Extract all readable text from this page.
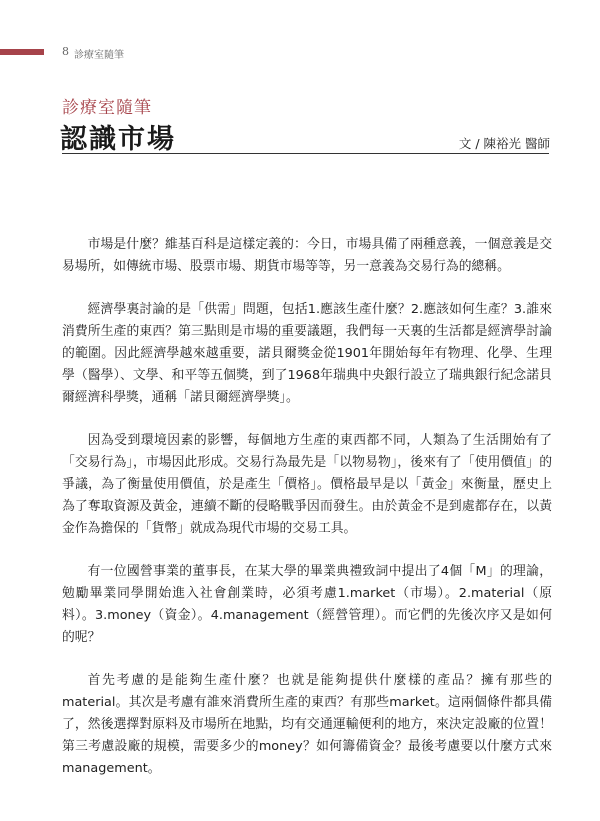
8 診療室隨筆
診療室隨筆
認識市場	文 / 陳裕光 醫師

市場是什麼？維基百科是這樣定義的：今日，市場具備了兩種意義，一個意義是交易場所，如傳統市場、股票市場、期貨市場等等，另一意義為交易行為的總稱。

經濟學裏討論的是「供需」問題，包括1.應該生產什麼？2.應該如何生產？3.誰來消費所生產的東西？第三點則是市場的重要議題，我們每一天裏的生活都是經濟學討論的範圍。因此經濟學越來越重要，諾貝爾獎金從1901年開始每年有物理、化學、生理學（醫學）、文學、和平等五個獎，到了1968年瑞典中央銀行設立了瑞典銀行紀念諾貝爾經濟科學獎，通稱「諾貝爾經濟學獎」。

因為受到環境因素的影響，每個地方生產的東西都不同，人類為了生活開始有了「交易行為」，市場因此形成。交易行為最先是「以物易物」，後來有了「使用價值」的爭議，為了衡量使用價值，於是產生「價格」。價格最早是以「黃金」來衡量，歷史上為了奪取資源及黃金，連續不斷的侵略戰爭因而發生。由於黃金不是到處都存在，以黃金作為擔保的「貨幣」就成為現代市場的交易工具。

有一位國營事業的董事長，在某大學的畢業典禮致詞中提出了4個「M」的理論，勉勵畢業同學開始進入社會創業時，必須考慮1.market（市場）。2.material（原料）。3.money（資金）。4.management（經營管理）。而它們的先後次序又是如何的呢？

首先考慮的是能夠生產什麼？也就是能夠提供什麼樣的產品？擁有那些的material。其次是考慮有誰來消費所生產的東西？有那些market。這兩個條件都具備了，然後選擇對原料及市場所在地點，均有交通運輸便利的地方，來決定設廠的位置！第三考慮設廠的規模，需要多少的money？如何籌備資金？最後考慮要以什麼方式來management。
